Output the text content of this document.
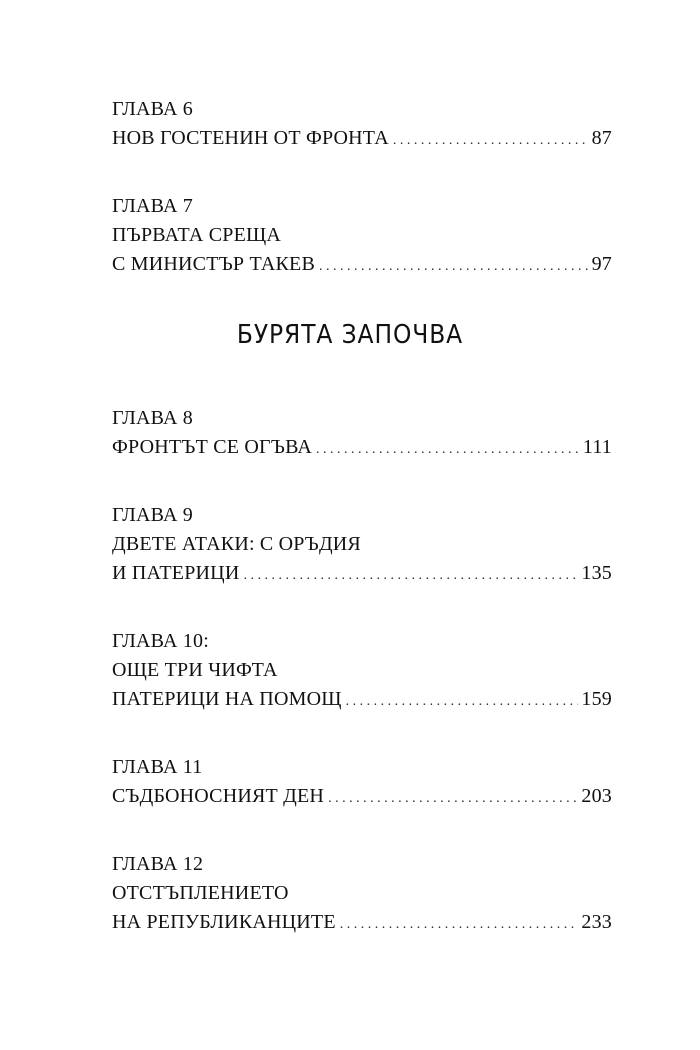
ГЛАВА 6
НОВ ГОСТЕНИН ОТ ФРОНТА . . .	87
ГЛАВА 7
ПЪРВАТА СРЕЩА
С МИНИСТЪР ТАКЕВ . . .	97
БУРЯТА ЗАПОЧВА
ГЛАВА 8
ФРОНТЪТ СЕ ОГЪВА . . .	111
ГЛАВА 9
ДВЕТЕ АТАКИ: С ОРЪДИЯ
И ПАТЕРИЦИ . . .	135
ГЛАВА 10:
ОЩЕ ТРИ ЧИФТА
ПАТЕРИЦИ НА ПОМОЩ . . .	159
ГЛАВА 11
СЪДБОНОСНИЯТ ДЕН . . .	203
ГЛАВА 12
ОТСТЪПЛЕНИЕТО
НА РЕПУБЛИКАНЦИТЕ . . .	233
